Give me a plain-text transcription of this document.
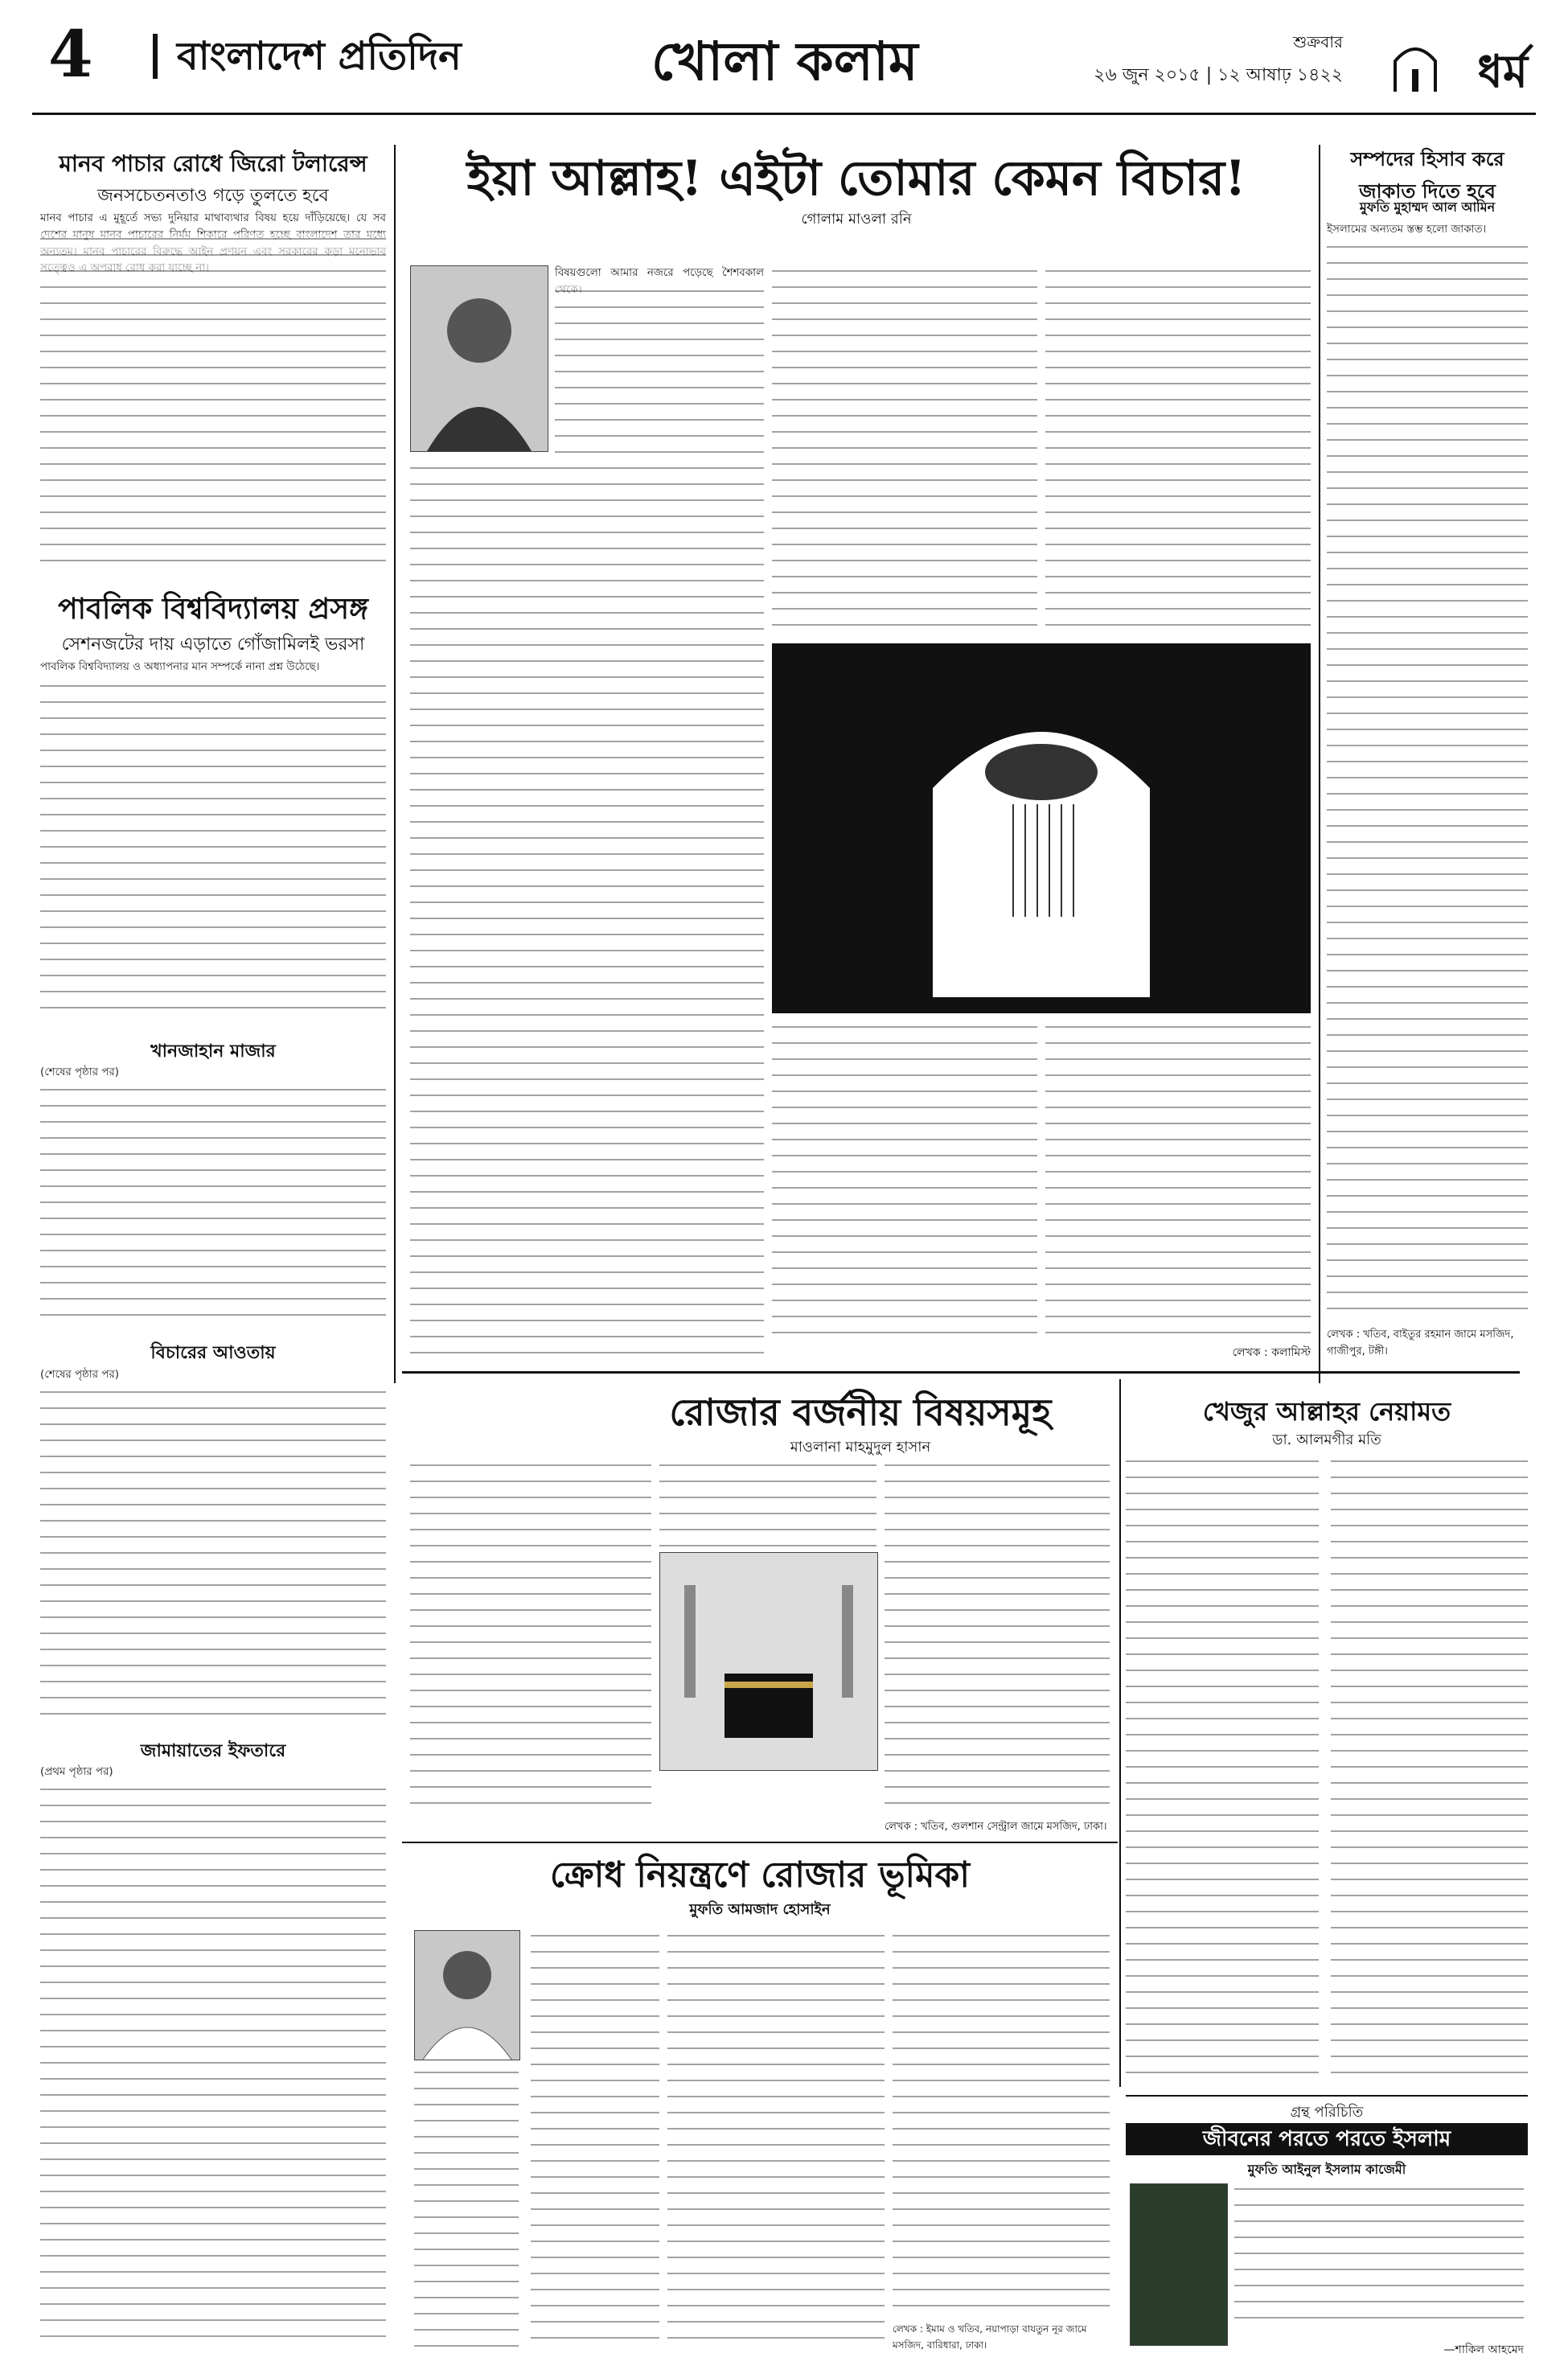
4 বাংলাদেশ প্রতিদিন	খোলা কলাম	শুক্রবার
২৬ জুন ২০১৫ | ১২ আষাঢ় ১৪২২	ধর্ম
মানব পাচার রোধে জিরো টলারেন্স
জনসচেতনতাও গড়ে তুলতে হবে
মানব পাচার এ মুহূর্তে সভ্য দুনিয়ার মাথাব্যথার বিষয় হয়ে দাঁড়িয়েছে। যে সব
পাবলিক বিশ্ববিদ্যালয় প্রসঙ্গ
সেশনজটের দায় এড়াতে গোঁজামিলই ভরসা
পাবলিক বিশ্ববিদ্যালয় ও অধ্যাপনার মান সম্পর্কে নানা প্রশ্ন উঠেছে।
খানজাহান মাজার
(শেষের পৃষ্ঠার পর)
বিচারের আওতায়
(শেষের পৃষ্ঠার পর)
জামায়াতের ইফতারে
(প্রথম পৃষ্ঠার পর)
ইয়া আল্লাহ! এইটা তোমার কেমন বিচার!
গোলাম মাওলা রনি
বিষয়গুলো আমার নজরে পড়েছে শৈশবকাল
লেখক : কলামিস্ট
সম্পদের হিসাব করে জাকাত দিতে হবে
মুফতি মুহাম্মদ আল আমিন
ইসলামের অন্যতম স্তম্ভ হলো জাকাত।
লেখক : খতিব, বাইতুর রহমান জামে মসজিদ, গাজীপুর, টঙ্গী।
রোজার বর্জনীয় বিষয়সমূহ
মাওলানা মাহমুদুল হাসান
লেখক : খতিব, গুলশান সেন্ট্রাল জামে মসজিদ, ঢাকা।
খেজুর আল্লাহর নেয়ামত
ডা. আলমগীর মতি
ক্রোধ নিয়ন্ত্রণে রোজার ভূমিকা
মুফতি আমজাদ হোসাইন
লেখক : ইমাম ও খতিব, নয়াপাড়া বাযতুন নূর জামে মসজিদ, বারিধারা, ঢাকা।
গ্রন্থ পরিচিতি
জীবনের পরতে পরতে ইসলাম
মুফতি আইনুল ইসলাম কাজেমী
—শাকিল আহমেদ
